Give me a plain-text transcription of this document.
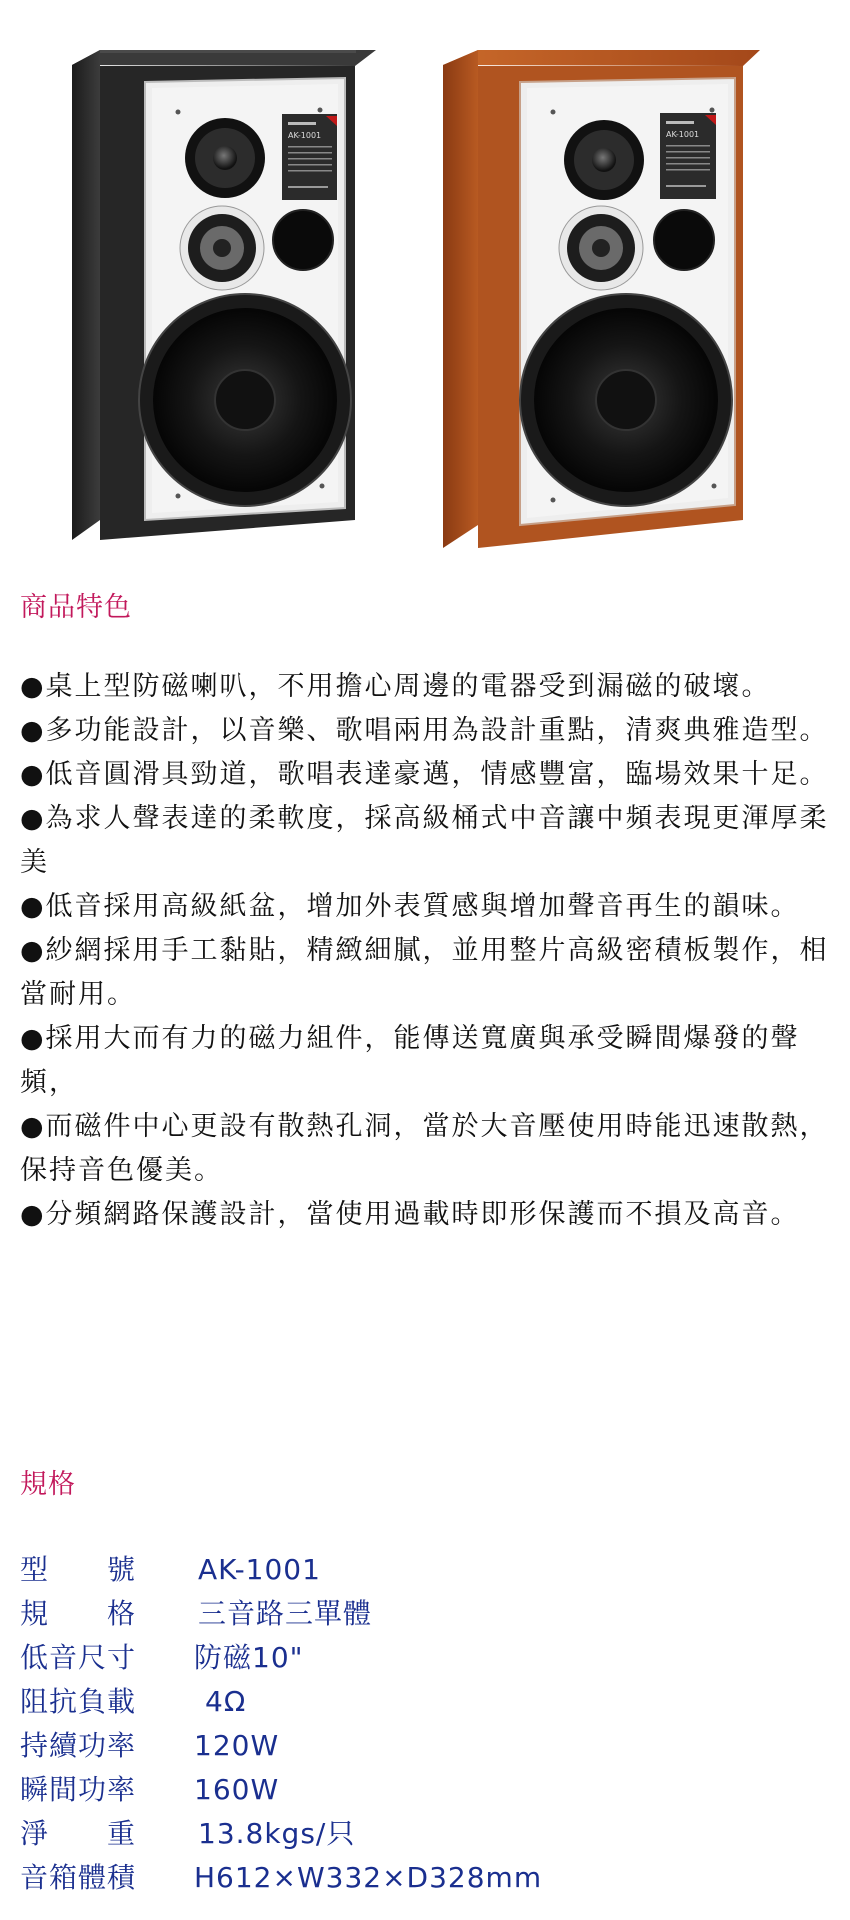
AK-1001	AK-1001
商品特色

●桌上型防磁喇叭，不用擔心周邊的電器受到漏磁的破壞。

●多功能設計，以音樂、歌唱兩用為設計重點，清爽典雅造型。

●低音圓滑具勁道，歌唱表達豪邁，情感豐富，臨場效果十足。

●為求人聲表達的柔軟度，採高級桶式中音讓中頻表現更渾厚柔美

●低音採用高級紙盆，增加外表質感與增加聲音再生的韻味。

●紗網採用手工黏貼，精緻細膩，並用整片高級密積板製作，相當耐用。

●採用大而有力的磁力組件，能傳送寬廣與承受瞬間爆發的聲頻，

●而磁件中心更設有散熱孔洞，當於大音壓使用時能迅速散熱，保持音色優美。

●分頻網路保護設計，當使用過載時即形保護而不損及高音。

規格
型　　號 AK-1001
規　　格 三音路三單體
低音尺寸 防磁10"
阻抗負載 4Ω
持續功率 120W
瞬間功率 160W
淨　　重 13.8kgs/只
音箱體積 H612×W332×D328mm
